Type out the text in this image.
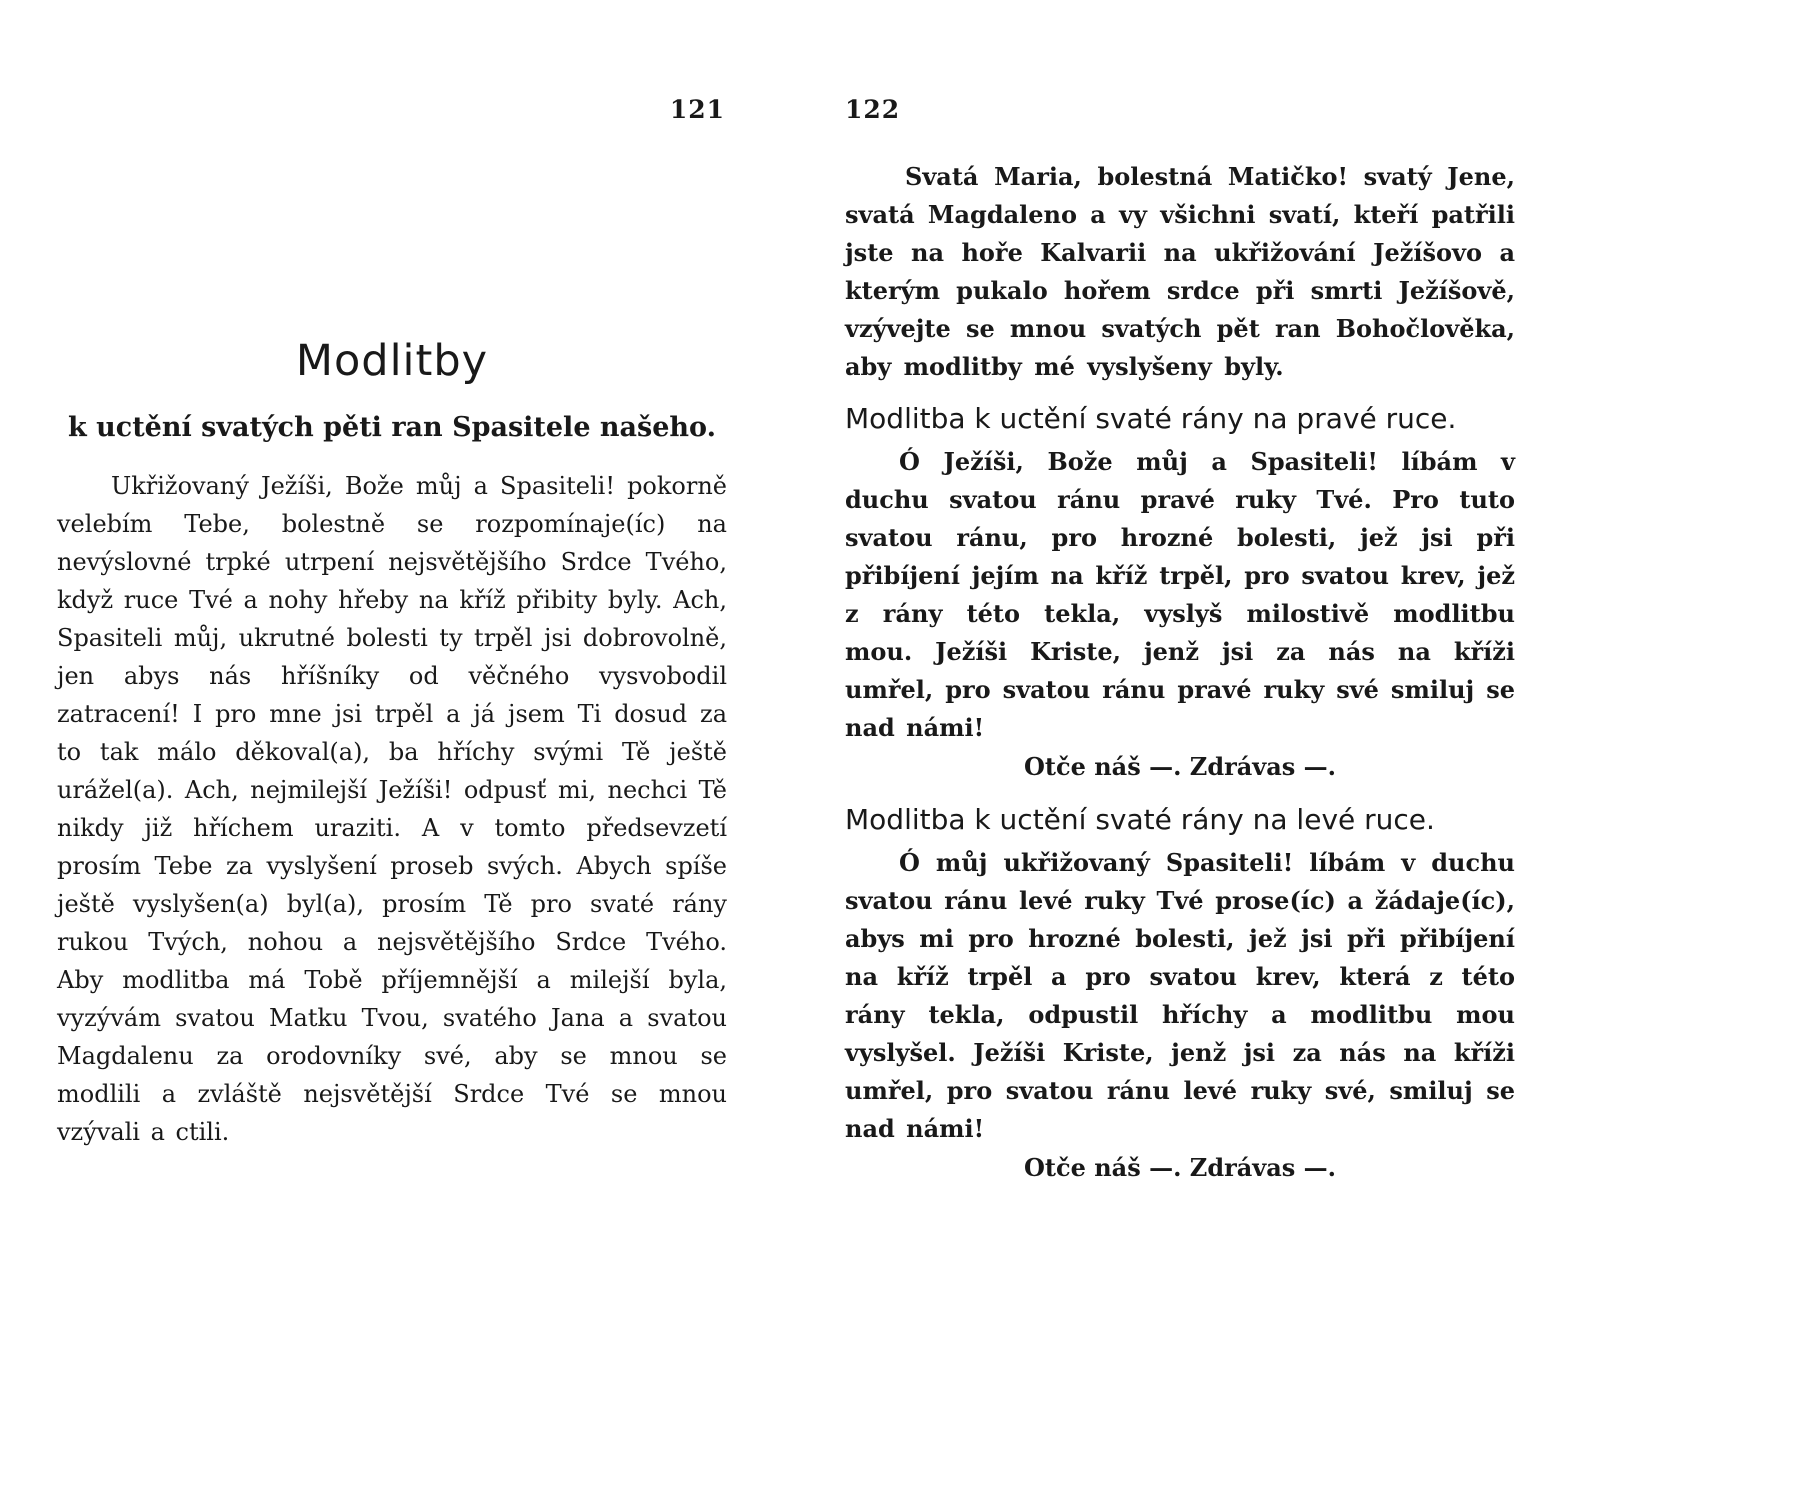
121
Modlitby
k uctění svatých pěti ran Spasitele našeho.
Ukřižovaný Ježíši, Bože můj a Spasiteli! pokorně velebím Tebe, bolestně se rozpomínaje(íc) na nevýslovné trpké utrpení nejsvětějšího Srdce Tvého, když ruce Tvé a nohy hřeby na kříž přibity byly. Ach, Spasiteli můj, ukrutné bolesti ty trpěl jsi dobrovolně, jen abys nás hříšníky od věčného vysvobodil zatracení! I pro mne jsi trpěl a já jsem Ti dosud za to tak málo děkoval(a), ba hříchy svými Tě ještě urážel(a). Ach, nejmilejší Ježíši! odpusť mi, nechci Tě nikdy již hříchem uraziti. A v tomto předsevzetí prosím Tebe za vyslyšení proseb svých. Abych spíše ještě vyslyšen(a) byl(a), prosím Tě pro svaté rány rukou Tvých, nohou a nejsvětějšího Srdce Tvého. Aby modlitba má Tobě příjemnější a milejší byla, vyzývám svatou Matku Tvou, svatého Jana a svatou Magdalenu za orodovníky své, aby se mnou se modlili a zvláště nejsvětější Srdce Tvé se mnou vzývali a ctili.
122
Svatá Maria, bolestná Matičko! svatý Jene, svatá Magdaleno a vy všichni svatí, kteří patřili jste na hoře Kalvarii na ukřižování Ježíšovo a kterým pukalo hořem srdce při smrti Ježíšově, vzývejte se mnou svatých pět ran Bohočlověka, aby modlitby mé vyslyšeny byly.
Modlitba k uctění svaté rány na pravé ruce.
Ó Ježíši, Bože můj a Spasiteli! líbám v duchu svatou ránu pravé ruky Tvé. Pro tuto svatou ránu, pro hrozné bolesti, jež jsi při přibíjení jejím na kříž trpěl, pro svatou krev, jež z rány této tekla, vyslyš milostivě modlitbu mou. Ježíši Kriste, jenž jsi za nás na kříži umřel, pro svatou ránu pravé ruky své smiluj se nad námi!
Otče náš —. Zdrávas —.
Modlitba k uctění svaté rány na levé ruce.
Ó můj ukřižovaný Spasiteli! líbám v duchu svatou ránu levé ruky Tvé prose(íc) a žádaje(íc), abys mi pro hrozné bolesti, jež jsi při přibíjení na kříž trpěl a pro svatou krev, která z této rány tekla, odpustil hříchy a modlitbu mou vyslyšel. Ježíši Kriste, jenž jsi za nás na kříži umřel, pro svatou ránu levé ruky své, smiluj se nad námi!
Otče náš —. Zdrávas —.
